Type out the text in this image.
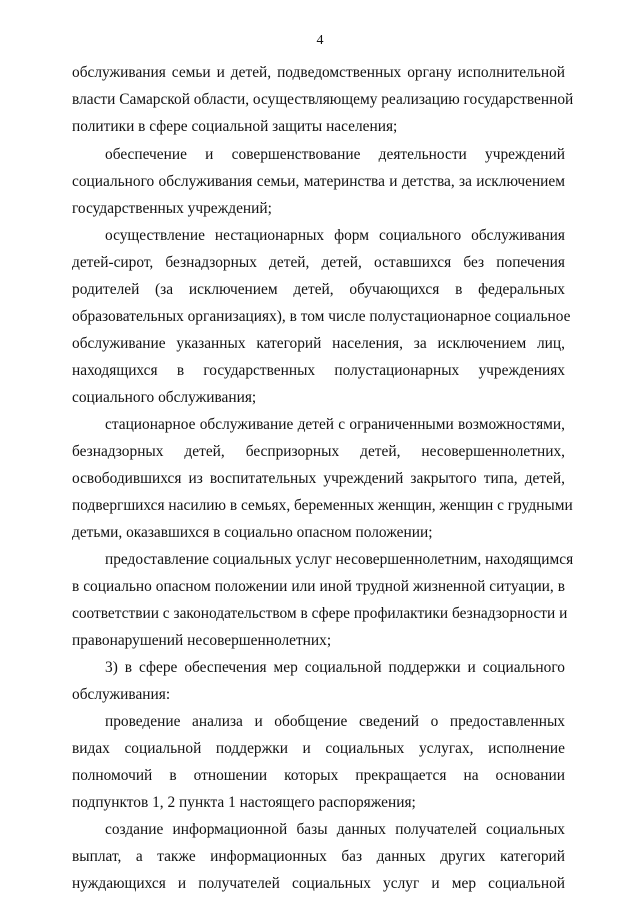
4
обслуживания семьи и детей, подведомственных органу исполнительной
власти Самарской области, осуществляющему реализацию государственной
политики в сфере социальной защиты населения;
обеспечение и совершенствование деятельности учреждений
социального обслуживания семьи, материнства и детства, за исключением
государственных учреждений;
осуществление нестационарных форм социального обслуживания
детей-сирот, безнадзорных детей, детей, оставшихся без попечения
родителей (за исключением детей, обучающихся в федеральных
образовательных организациях), в том числе полустационарное социальное
обслуживание указанных категорий населения, за исключением лиц,
находящихся в государственных полустационарных учреждениях
социального обслуживания;
стационарное обслуживание детей с ограниченными возможностями,
безнадзорных детей, беспризорных детей, несовершеннолетних,
освободившихся из воспитательных учреждений закрытого типа, детей,
подвергшихся насилию в семьях, беременных женщин, женщин с грудными
детьми, оказавшихся в социально опасном положении;
предоставление социальных услуг несовершеннолетним, находящимся
в социально опасном положении или иной трудной жизненной ситуации, в
соответствии с законодательством в сфере профилактики безнадзорности и
правонарушений несовершеннолетних;
3) в сфере обеспечения мер социальной поддержки и социального
обслуживания:
проведение анализа и обобщение сведений о предоставленных
видах социальной поддержки и социальных услугах, исполнение
полномочий в отношении которых прекращается на основании
подпунктов 1, 2 пункта 1 настоящего распоряжения;
создание информационной базы данных получателей социальных
выплат, а также информационных баз данных других категорий
нуждающихся и получателей социальных услуг и мер социальной
